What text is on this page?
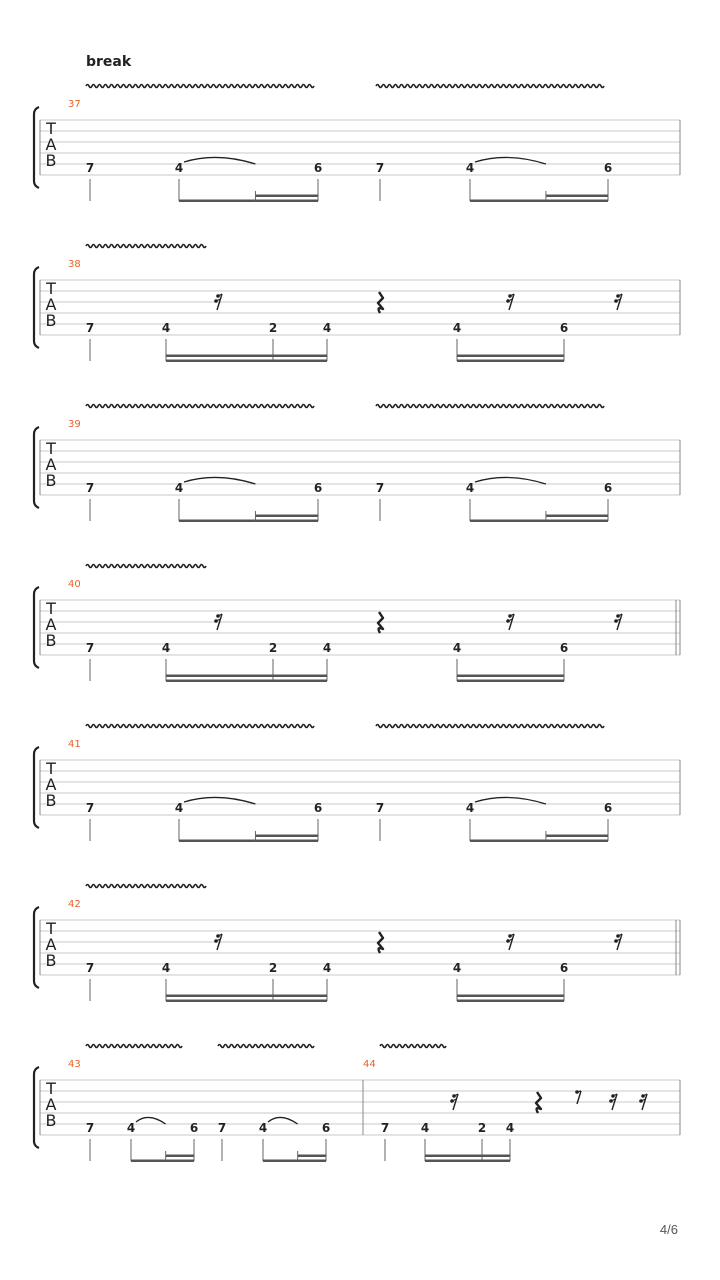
break
T
A
B
37
7	4	6	7	4	6
T
A
B
38
7	4	2	4	4	6
T
A
B
39
7	4	6	7	4	6
T
A
B
40
7	4	2	4	4	6
T
A
B
41
7	4	6	7	4	6
T
A
B
42
7	4	2	4	4	6
T
A
B
43
7	4	6 7	4	6
44
7	4	2 4
4/6
